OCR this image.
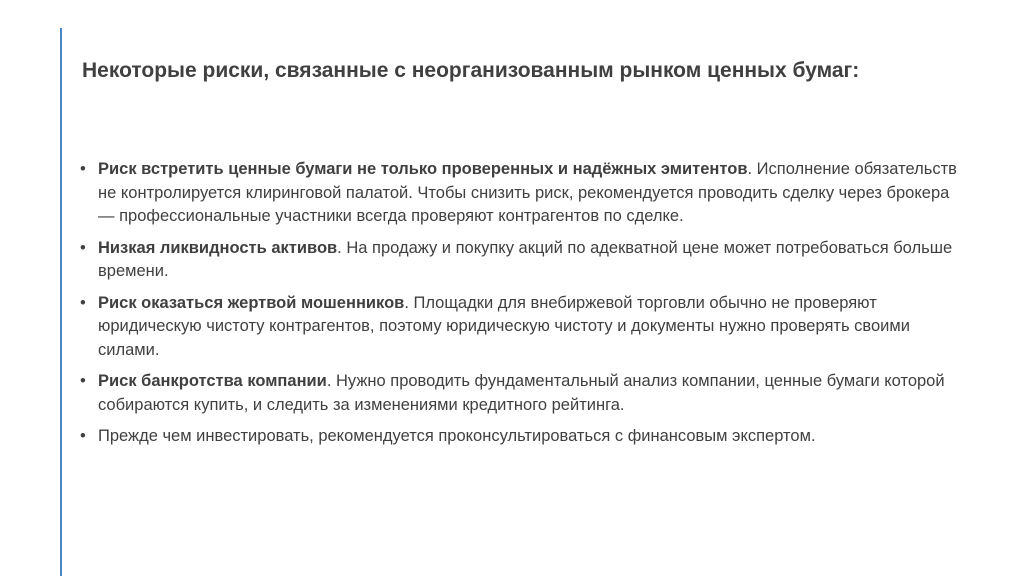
Некоторые риски, связанные с неорганизованным рынком ценных бумаг:
• Риск встретить ценные бумаги не только проверенных и надёжных эмитентов. Исполнение обязательств не контролируется клиринговой палатой. Чтобы снизить риск, рекомендуется проводить сделку через брокера — профессиональные участники всегда проверяют контрагентов по сделке.
• Низкая ликвидность активов. На продажу и покупку акций по адекватной цене может потребоваться больше времени.
• Риск оказаться жертвой мошенников. Площадки для внебиржевой торговли обычно не проверяют юридическую чистоту контрагентов, поэтому юридическую чистоту и документы нужно проверять своими силами.
• Риск банкротства компании. Нужно проводить фундаментальный анализ компании, ценные бумаги которой собираются купить, и следить за изменениями кредитного рейтинга.
• Прежде чем инвестировать, рекомендуется проконсультироваться с финансовым экспертом.
